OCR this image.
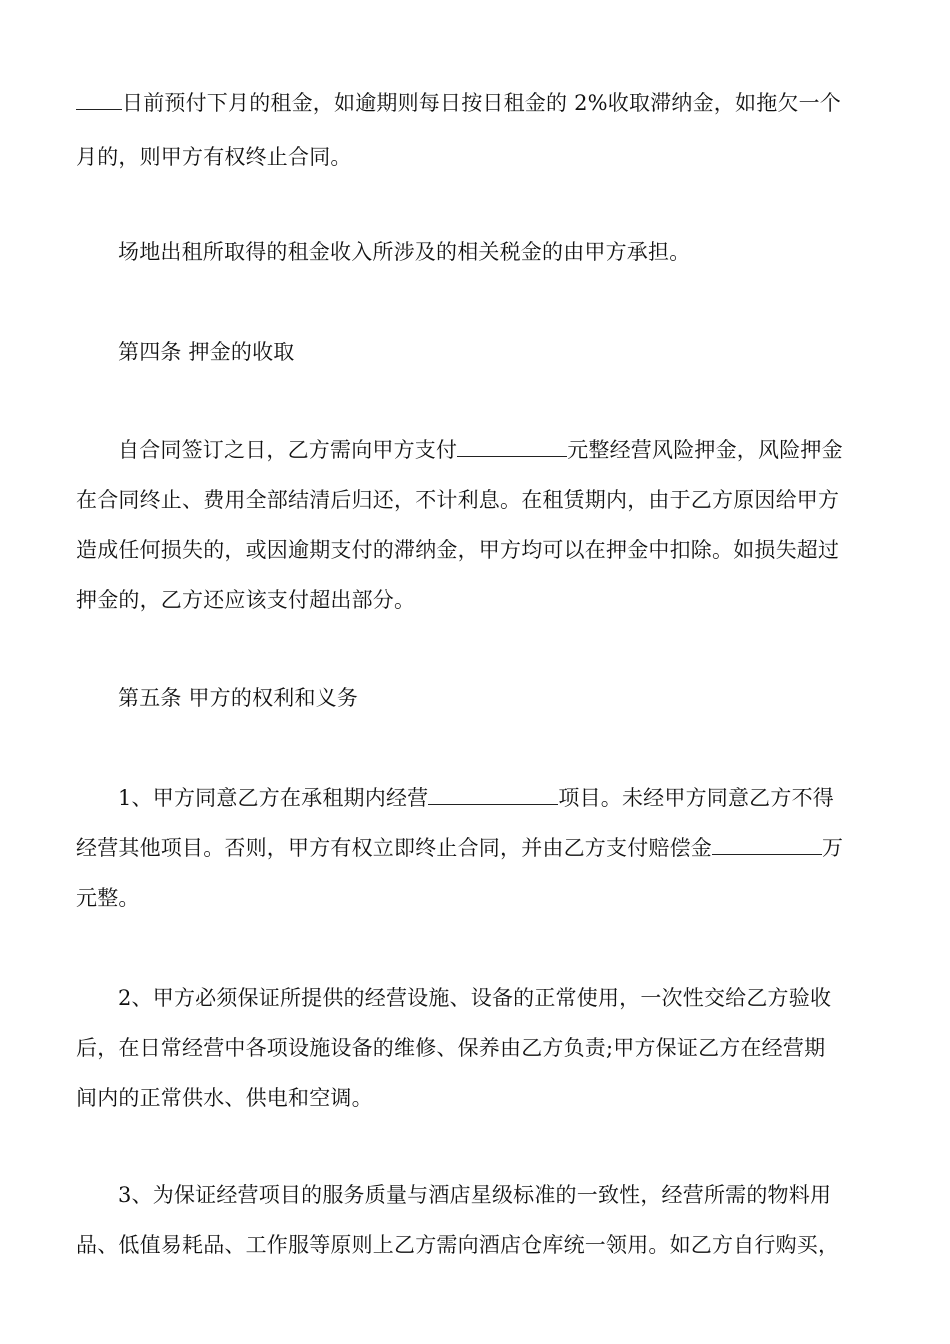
日前预付下月的租金，如逾期则每日按日租金的 2%收取滞纳金，如拖欠一个
月的，则甲方有权终止合同。
场地出租所取得的租金收入所涉及的相关税金的由甲方承担。
第四条 押金的收取
自合同签订之日，乙方需向甲方支付	元整经营风险押金，风险押金
在合同终止、费用全部结清后归还，不计利息。在租赁期内，由于乙方原因给甲方
造成任何损失的，或因逾期支付的滞纳金，甲方均可以在押金中扣除。如损失超过
押金的，乙方还应该支付超出部分。
第五条 甲方的权利和义务
1、甲方同意乙方在承租期内经营	项目。未经甲方同意乙方不得
经营其他项目。否则，甲方有权立即终止合同，并由乙方支付赔偿金	万
元整。
2、甲方必须保证所提供的经营设施、设备的正常使用，一次性交给乙方验收
后，在日常经营中各项设施设备的维修、保养由乙方负责;甲方保证乙方在经营期
间内的正常供水、供电和空调。
3、为保证经营项目的服务质量与酒店星级标准的一致性，经营所需的物料用
品、低值易耗品、工作服等原则上乙方需向酒店仓库统一领用。如乙方自行购买，
